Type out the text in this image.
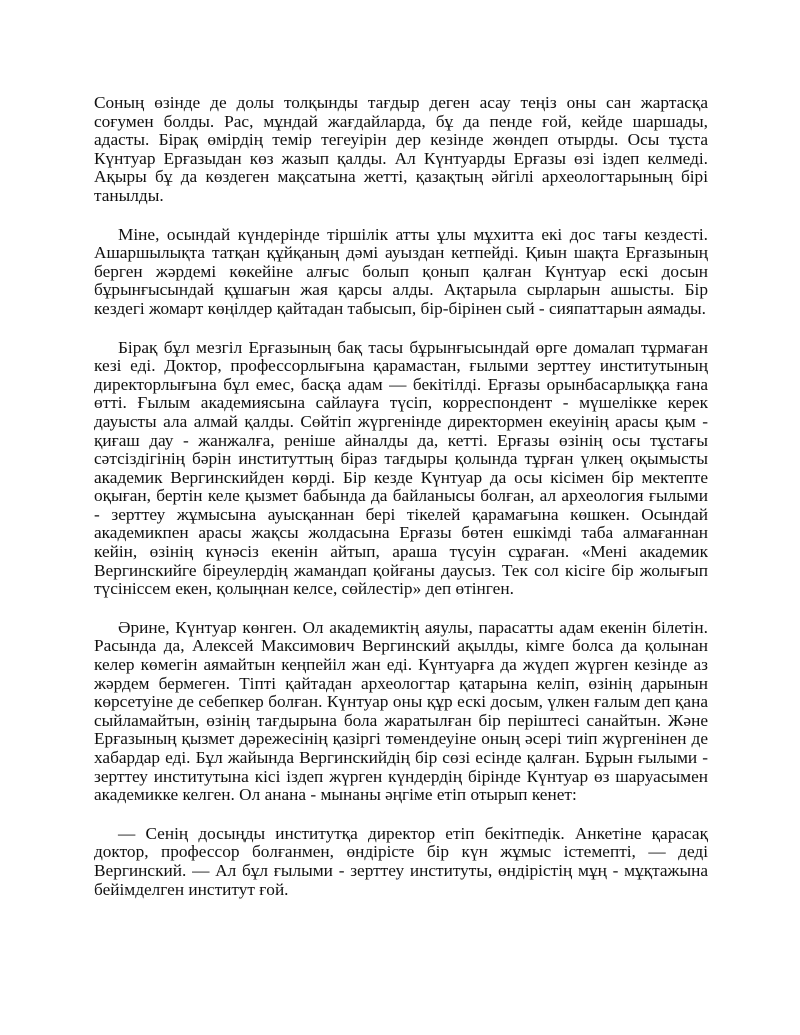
Соның өзінде де долы толқынды тағдыр деген асау теңіз оны сан жартасқа соғумен болды. Рас, мұндай жағдайларда, бұ да пенде ғой, кейде шаршады, адасты. Бірақ өмірдің темір тегеуірін дер кезінде жөндеп отырды. Осы тұста Күнтуар Ерғазыдан көз жазып қалды. Ал Күнтуарды Ерғазы өзі іздеп келмеді. Ақыры бұ да көздеген мақсатына жетті, қазақтың әйгілі археологтарының бірі танылды.

Міне, осындай күндерінде тіршілік атты ұлы мұхитта екі дос тағы кездесті. Ашаршылықта татқан құйқаның дәмі ауыздан кетпейді. Қиын шақта Ерғазының берген жәрдемі көкейіне алғыс болып қонып қалған Күнтуар ескі досын бұрынғысындай құшағын жая қарсы алды. Ақтарыла сырларын ашысты. Бір кездегі жомарт көңілдер қайтадан табысып, бір-бірінен сый - сияпаттарын аямады.

Бірақ бұл мезгіл Ерғазының бақ тасы бұрынғысындай өрге домалап тұрмаған кезі еді. Доктор, профессорлығына қарамастан, ғылыми зерттеу институтының директорлығына бұл емес, басқа адам — бекітілді. Ерғазы орынбасарлыққа ғана өтті. Ғылым академиясына сайлауға түсіп, корреспондент - мүшелікке керек дауысты ала алмай қалды. Сөйтіп жүргенінде директормен екеуінің арасы қым - қиғаш дау - жанжалға, реніше айналды да, кетті. Ерғазы өзінің осы тұстағы сәтсіздігінің бәрін институттың біраз тағдыры қолында тұрған үлкең оқымысты академик Вергинскийден көрді. Бір кезде Күнтуар да осы кісімен бір мектепте оқыған, бертін келе қызмет бабында да байланысы болған, ал археология ғылыми - зерттеу жұмысына ауысқаннан бері тікелей қарамағына көшкен. Осындай академикпен арасы жақсы жолдасына Ерғазы бөтен ешкімді таба алмағаннан кейін, өзінің күнәсіз екенін айтып, араша түсуін сұраған. «Мені академик Вергинскийге біреулердің жамандап қойғаны даусыз. Тек сол кісіге бір жолығып түсініссем екен, қолыңнан келсе, сөйлестір» деп өтінген.

Әрине, Күнтуар көнген. Ол академиктің аяулы, парасатты адам екенін білетін. Расында да, Алексей Максимович Вергинский ақылды, кімге болса да қолынан келер көмегін аямайтын кеңпейіл жан еді. Күнтуарға да жүдеп жүрген кезінде аз жәрдем бермеген. Тіпті қайтадан археологтар қатарына келіп, өзінің дарынын көрсетуіне де себепкер болған. Күнтуар оны құр ескі досым, үлкен ғалым деп қана сыйламайтын, өзінің тағдырына бола жаратылған бір періштесі санайтын. Және Ерғазының қызмет дәрежесінің қазіргі төмендеуіне оның әсері тиіп жүргенінен де хабардар еді. Бұл жайында Вергинскийдің бір сөзі есінде қалған. Бұрын ғылыми - зерттеу институтына кісі іздеп жүрген күндердің бірінде Күнтуар өз шаруасымен академикке келген. Ол анана - мынаны әңгіме етіп отырып кенет:

— Сенің досыңды институтқа директор етіп бекітпедік. Анкетіне қарасақ доктор, профессор болғанмен, өндірісте бір күн жұмыс істемепті, — деді Вергинский. — Ал бұл ғылыми - зерттеу институты, өндірістің мұң - мұқтажына бейімделген институт ғой.
